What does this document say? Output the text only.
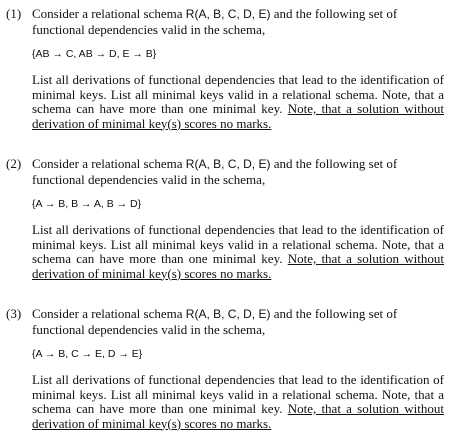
(1) Consider a relational schema R(A, B, C, D, E) and the following set of functional dependencies valid in the schema,
{AB → C, AB → D, E → B}
List all derivations of functional dependencies that lead to the identification of minimal keys. List all minimal keys valid in a relational schema. Note, that a schema can have more than one minimal key. Note, that a solution without derivation of minimal key(s) scores no marks.
(2) Consider a relational schema R(A, B, C, D, E) and the following set of functional dependencies valid in the schema,
{A → B, B → A, B → D}
List all derivations of functional dependencies that lead to the identification of minimal keys. List all minimal keys valid in a relational schema. Note, that a schema can have more than one minimal key. Note, that a solution without derivation of minimal key(s) scores no marks.
(3) Consider a relational schema R(A, B, C, D, E) and the following set of functional dependencies valid in the schema,
{A → B, C → E, D → E}
List all derivations of functional dependencies that lead to the identification of minimal keys. List all minimal keys valid in a relational schema. Note, that a schema can have more than one minimal key. Note, that a solution without derivation of minimal key(s) scores no marks.
